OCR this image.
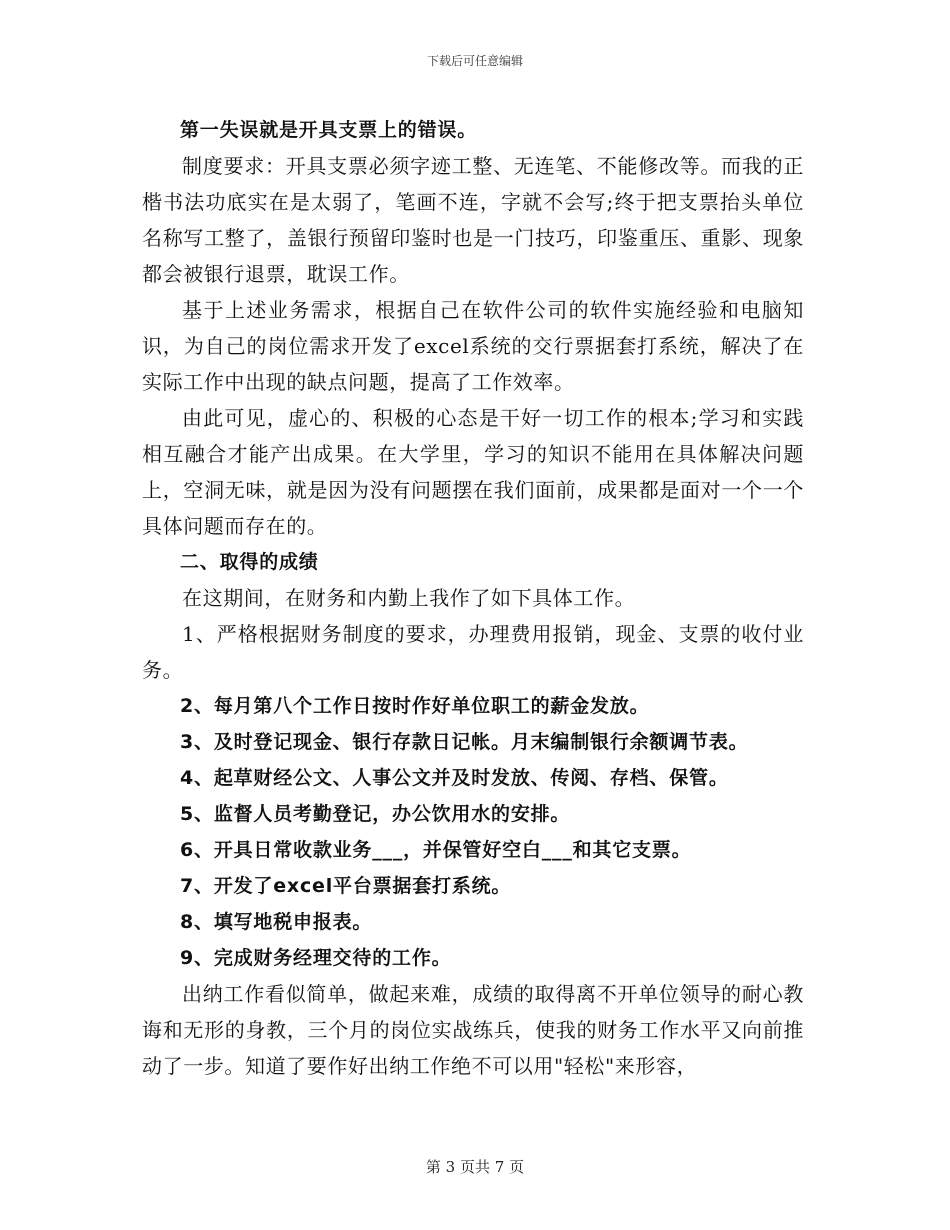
下载后可任意编辑

第一失误就是开具支票上的错误。

制度要求：开具支票必须字迹工整、无连笔、不能修改等。而我的正楷书法功底实在是太弱了，笔画不连，字就不会写;终于把支票抬头单位名称写工整了，盖银行预留印鉴时也是一门技巧，印鉴重压、重影、现象都会被银行退票，耽误工作。

基于上述业务需求，根据自己在软件公司的软件实施经验和电脑知识，为自己的岗位需求开发了excel系统的交行票据套打系统，解决了在实际工作中出现的缺点问题，提高了工作效率。

由此可见，虚心的、积极的心态是干好一切工作的根本;学习和实践相互融合才能产出成果。在大学里，学习的知识不能用在具体解决问题上，空洞无味，就是因为没有问题摆在我们面前，成果都是面对一个一个具体问题而存在的。

二、取得的成绩

在这期间，在财务和内勤上我作了如下具体工作。

1、严格根据财务制度的要求，办理费用报销，现金、支票的收付业务。

2、每月第八个工作日按时作好单位职工的薪金发放。

3、及时登记现金、银行存款日记帐。月末编制银行余额调节表。

4、起草财经公文、人事公文并及时发放、传阅、存档、保管。

5、监督人员考勤登记，办公饮用水的安排。

6、开具日常收款业务___，并保管好空白___和其它支票。

7、开发了excel平台票据套打系统。

8、填写地税申报表。

9、完成财务经理交待的工作。

出纳工作看似简单，做起来难，成绩的取得离不开单位领导的耐心教诲和无形的身教，三个月的岗位实战练兵，使我的财务工作水平又向前推动了一步。知道了要作好出纳工作绝不可以用"轻松"来形容，

第 3 页共 7 页
